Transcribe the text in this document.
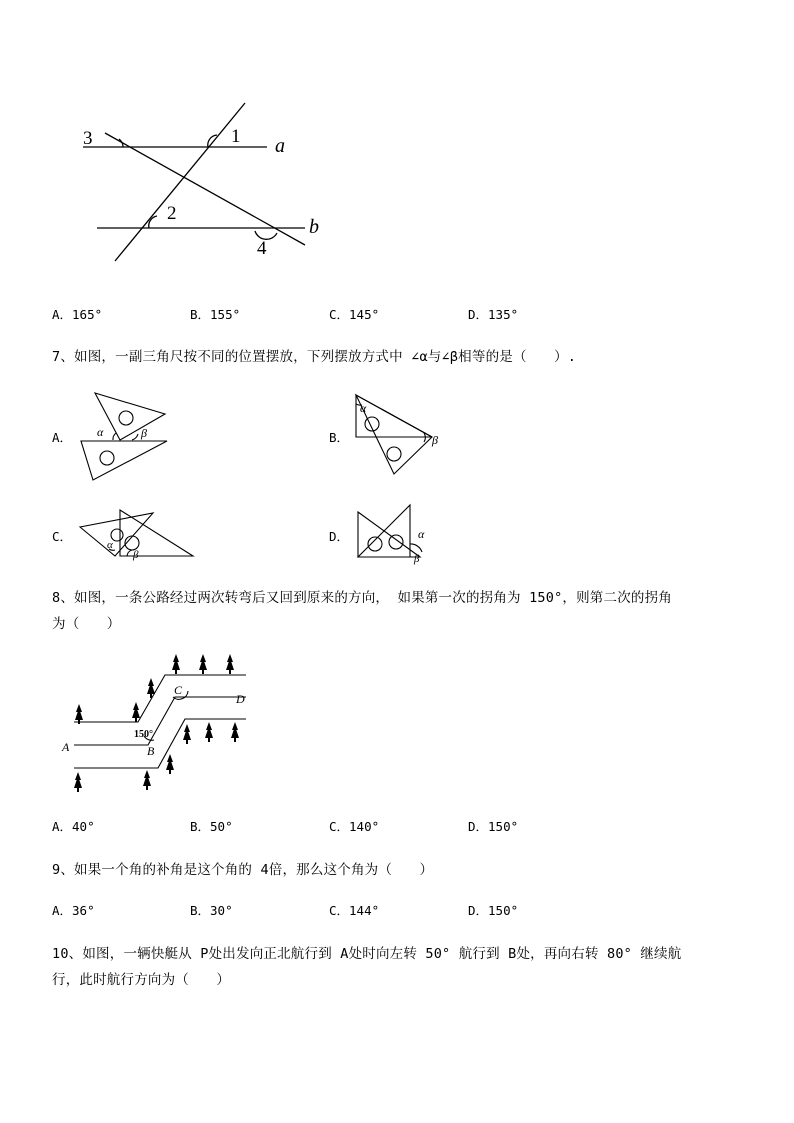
3	1
2
4
a
b
A．165°	B．155°	C．145°	D．135°
7、如图，一副三角尺按不同的位置摆放，下列摆放方式中 ∠α与∠β相等的是（　　）.
A． α	β	B．
α
β
C．
α
β
D．	α
β
8、如图，一条公路经过两次转弯后又回到原来的方向， 如果第一次的拐角为 150°，则第二次的拐角
为（　　）
A	B
C
D
150°
A．40°	B．50°	C．140°	D．150°
9、如果一个角的补角是这个角的 4倍，那么这个角为（　　）
A．36°	B．30°	C．144°	D．150°
10、如图，一辆快艇从 P处出发向正北航行到 A处时向左转 50° 航行到 B处，再向右转 80° 继续航
行，此时航行方向为（　　）
